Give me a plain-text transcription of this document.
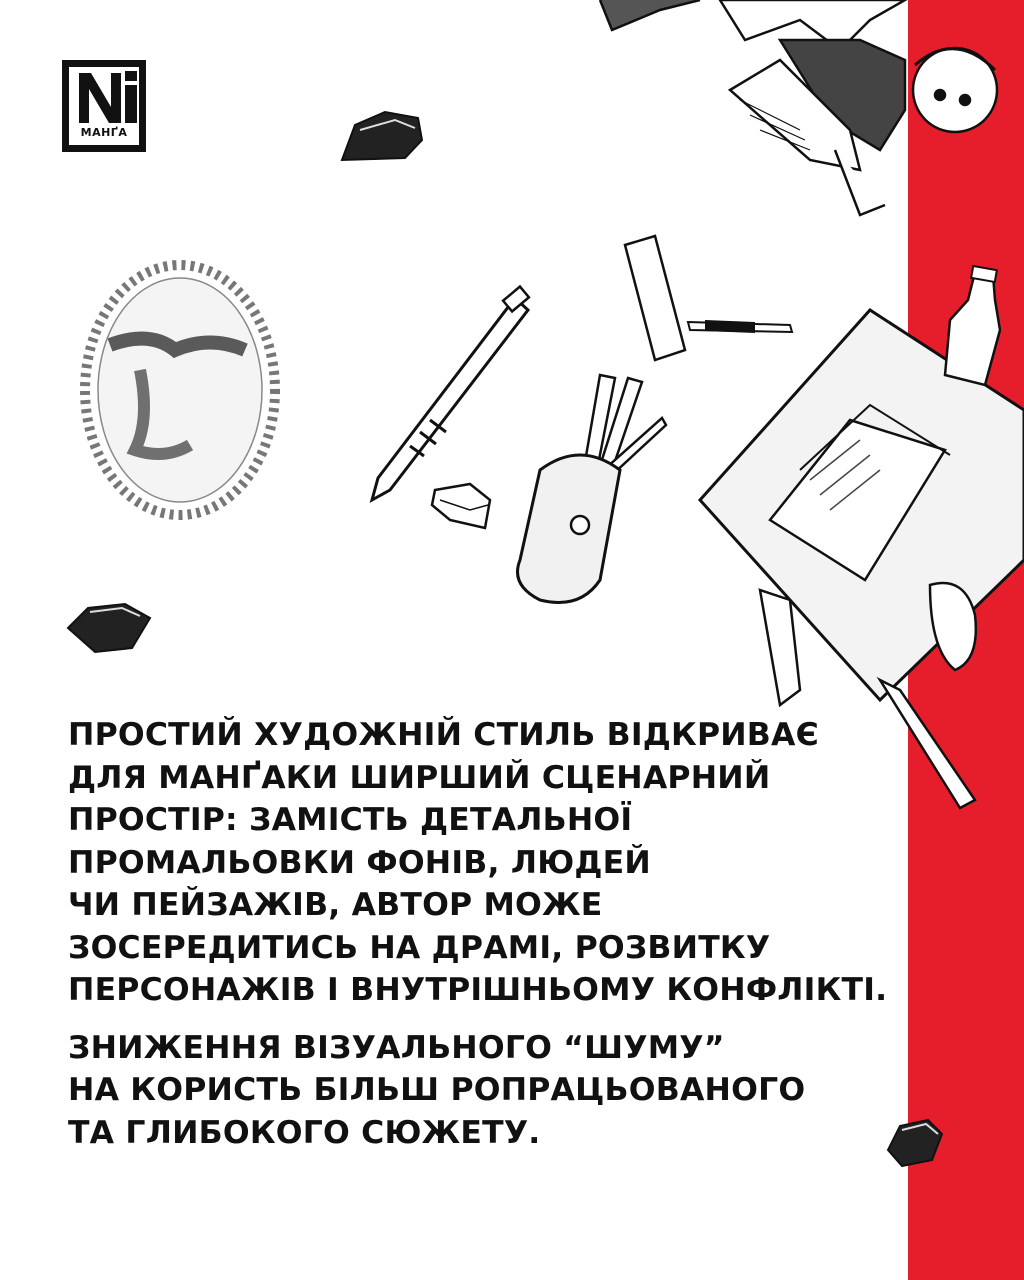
МАНҐА

ПРОСТИЙ ХУДОЖНІЙ СТИЛЬ ВІДКРИВАЄ
ДЛЯ МАНҐАКИ ШИРШИЙ СЦЕНАРНИЙ
ПРОСТІР: ЗАМІСТЬ ДЕТАЛЬНОЇ
ПРОМАЛЬОВКИ ФОНІВ, ЛЮДЕЙ
ЧИ ПЕЙЗАЖІВ, АВТОР МОЖЕ
ЗОСЕРЕДИТИСЬ НА ДРАМІ, РОЗВИТКУ
ПЕРСОНАЖІВ І ВНУТРІШНЬОМУ КОНФЛІКТІ.

ЗНИЖЕННЯ ВІЗУАЛЬНОГО “ШУМУ”
НА КОРИСТЬ БІЛЬШ РОПРАЦЬОВАНОГО
ТА ГЛИБОКОГО СЮЖЕТУ.
